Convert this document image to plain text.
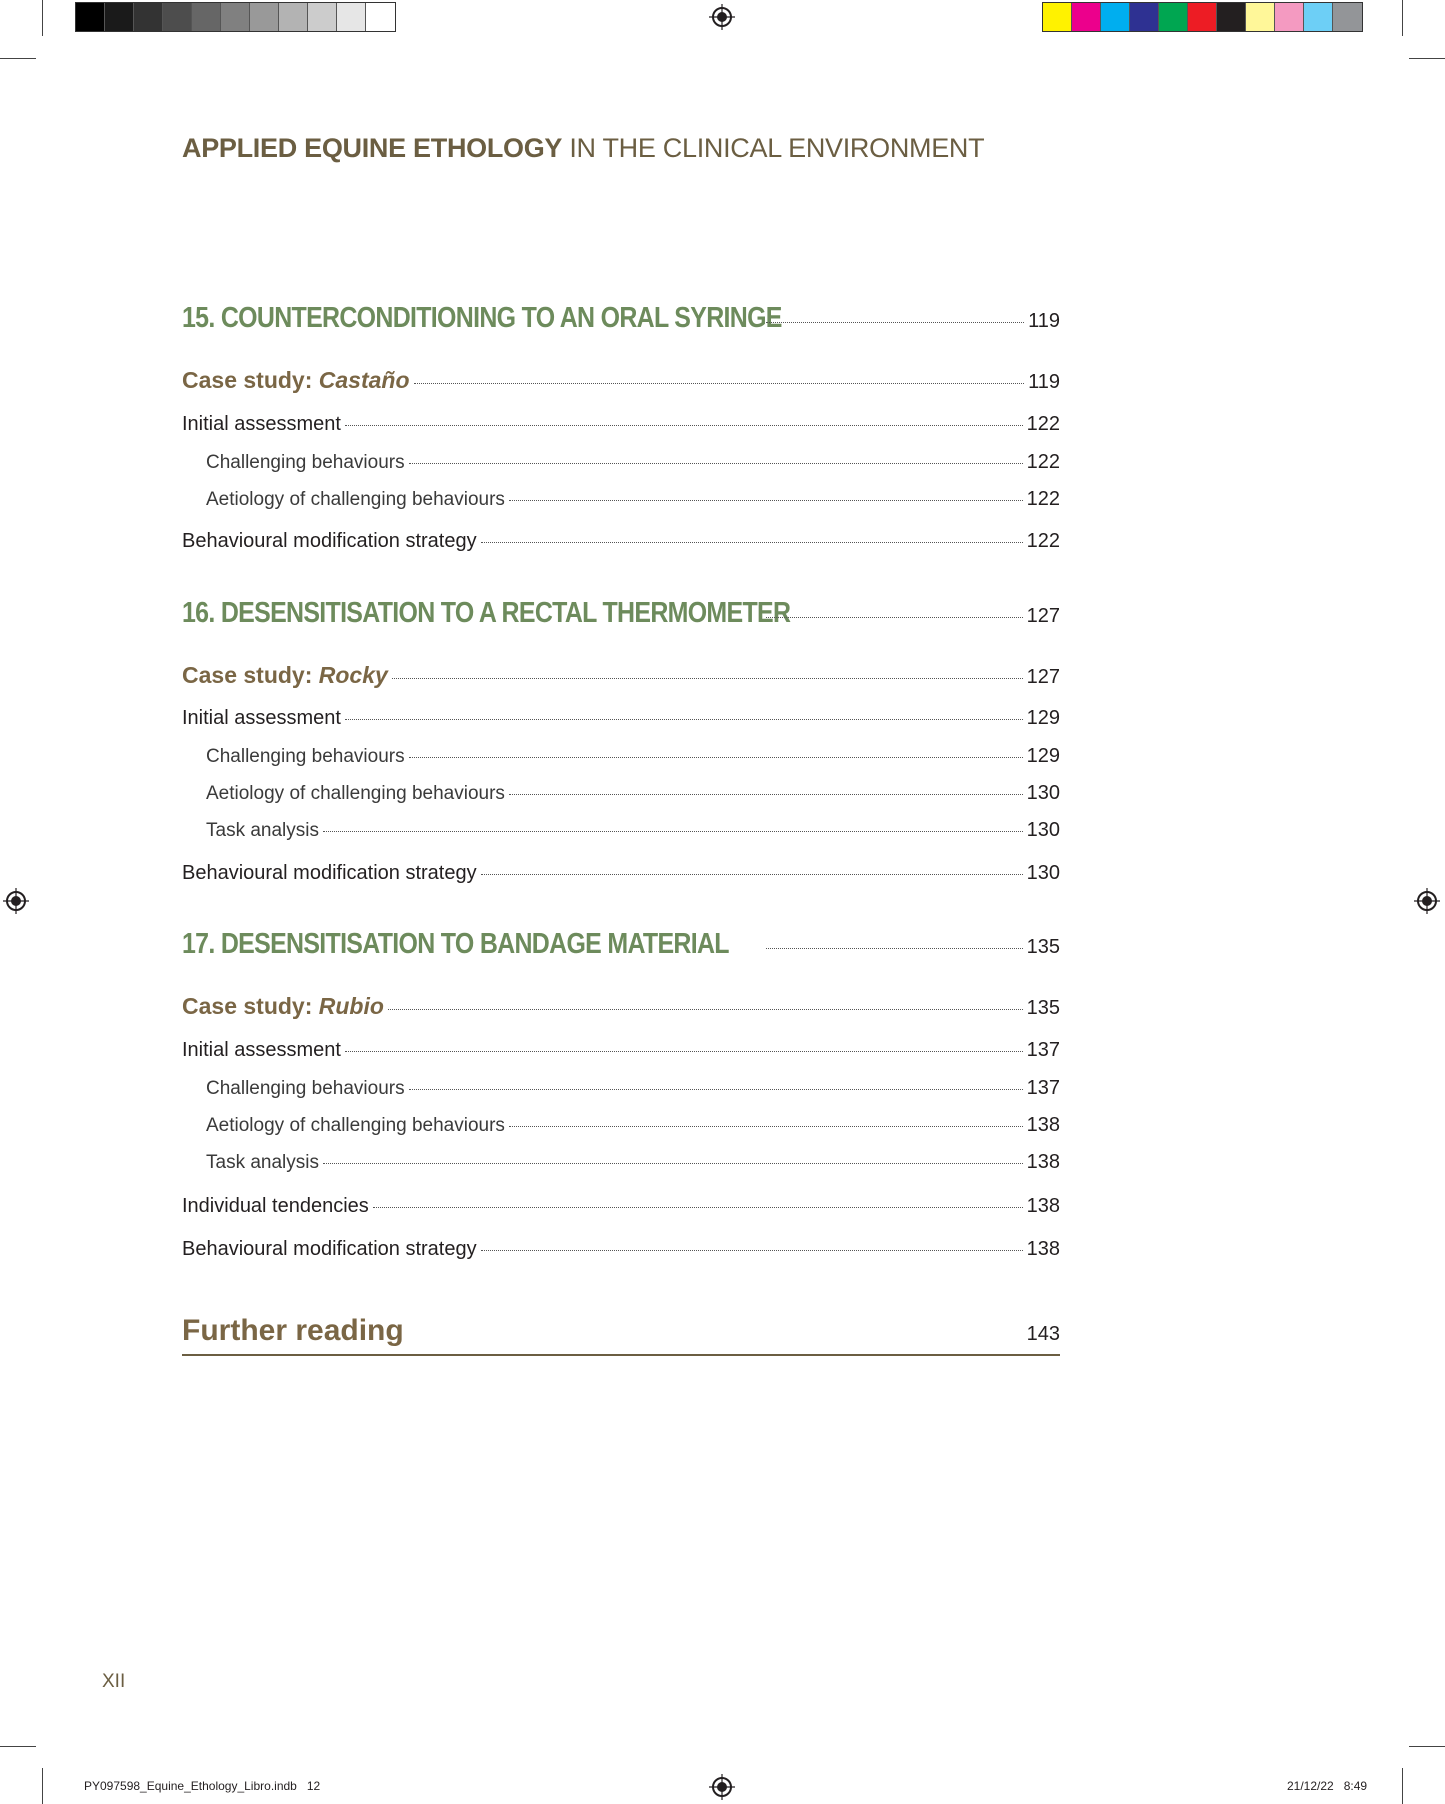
APPLIED EQUINE ETHOLOGY IN THE CLINICAL ENVIRONMENT
15. COUNTERCONDITIONING TO AN ORAL SYRINGE	119
Case study: Castaño	119
Initial assessment	122
Challenging behaviours	122
Aetiology of challenging behaviours	122
Behavioural modification strategy	122
16. DESENSITISATION TO A RECTAL THERMOMETER	127
Case study: Rocky	127
Initial assessment	129
Challenging behaviours	129
Aetiology of challenging behaviours	130
Task analysis	130
Behavioural modification strategy	130
17. DESENSITISATION TO BANDAGE MATERIAL	135
Case study: Rubio	135
Initial assessment	137
Challenging behaviours	137
Aetiology of challenging behaviours	138
Task analysis	138
Individual tendencies	138
Behavioural modification strategy	138
Further reading	143
XII
PY097598_Equine_Ethology_Libro.indb   12	21/12/22   8:49
